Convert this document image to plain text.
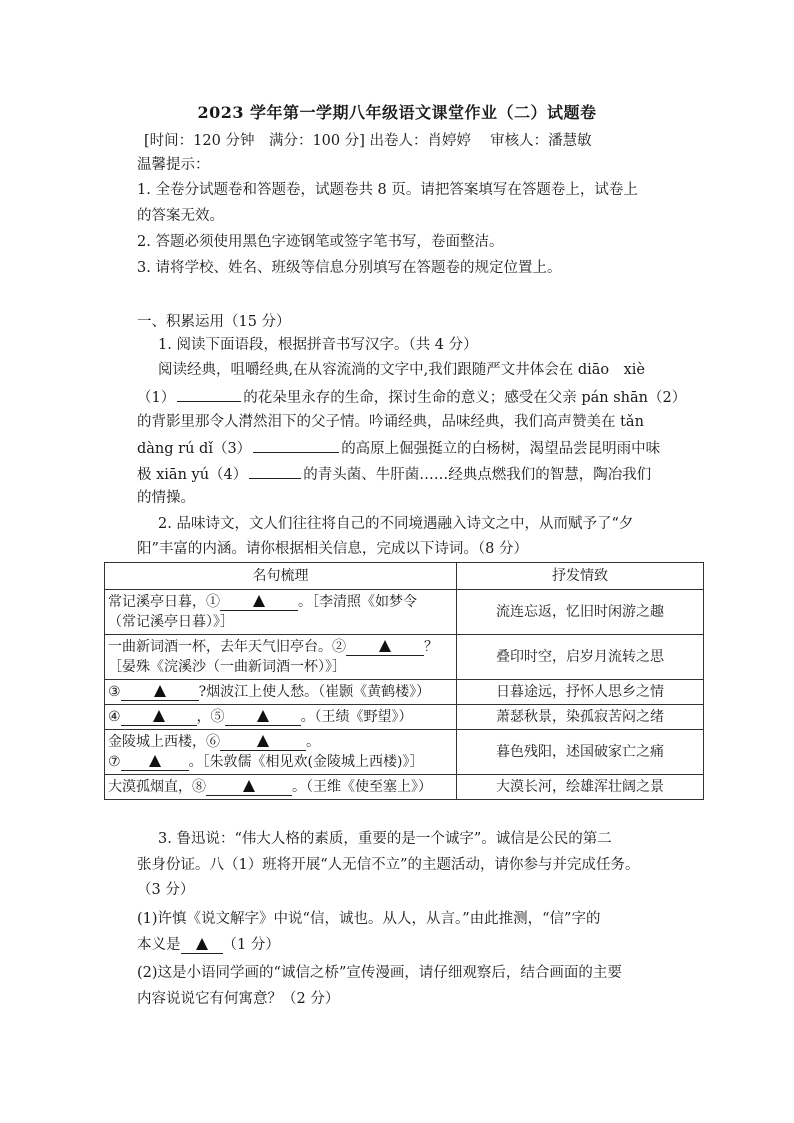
2023 学年第一学期八年级语文课堂作业（二）试题卷
[时间：120 分钟　满分：100 分] 出卷人：肖婷婷　 审核人：潘慧敏
温馨提示：
1. 全卷分试题卷和答题卷，试题卷共 8 页。请把答案填写在答题卷上，试卷上
的答案无效。
2. 答题必须使用黑色字迹钢笔或签字笔书写，卷面整洁。
3. 请将学校、姓名、班级等信息分别填写在答题卷的规定位置上。
一、积累运用（15 分）
1. 阅读下面语段，根据拼音书写汉字。（共 4 分）
阅读经典，咀嚼经典,在从容流淌的文字中,我们跟随严文井体会在 diāo　xiè
（1）	的花朵里永存的生命，探讨生命的意义；感受在父亲 pán shān（2）
的背影里那令人潸然泪下的父子情。吟诵经典，品味经典，我们高声赞美在 tǎn
dàng rú dǐ（3）	的高原上倔强挺立的白杨树，渴望品尝昆明雨中味
极 xiān yú（4）	的青头菌、牛肝菌……经典点燃我们的智慧，陶冶我们
的情操。
2. 品味诗文，文人们往往将自己的不同境遇融入诗文之中，从而赋予了“夕
阳”丰富的内涵。请你根据相关信息，完成以下诗词。（8 分）
名句梳理	抒发情致
常记溪亭日暮，① 。［李清照《如梦令
（常记溪亭日暮）》］	流连忘返，忆旧时闲游之趣
一曲新词酒一杯，去年天气旧亭台。② ？
［晏殊《浣溪沙（一曲新词酒一杯）》］	叠印时空，启岁月流转之思
③ ?烟波江上使人愁。（崔颢《黄鹤楼》）	日暮途远，抒怀人思乡之情
④ ，⑤ 。（王绩《野望》）	萧瑟秋景，染孤寂苦闷之绪
金陵城上西楼，⑥ 。
⑦ 。［朱敦儒《相见欢(金陵城上西楼)》］	暮色残阳，述国破家亡之痛
大漠孤烟直，⑧ 。（王维《使至塞上》）	大漠长河，绘雄浑壮阔之景
3. 鲁迅说：“伟大人格的素质，重要的是一个诚字”。诚信是公民的第二
张身份证。八（1）班将开展“人无信不立”的主题活动，请你参与并完成任务。
（3 分）
(1)许慎《说文解字》中说“信，诚也。从人，从言。”由此推测，“信”字的
本义是	（1 分）
(2)这是小语同学画的“诚信之桥”宣传漫画，请仔细观察后，结合画面的主要
内容说说它有何寓意？（2 分）
